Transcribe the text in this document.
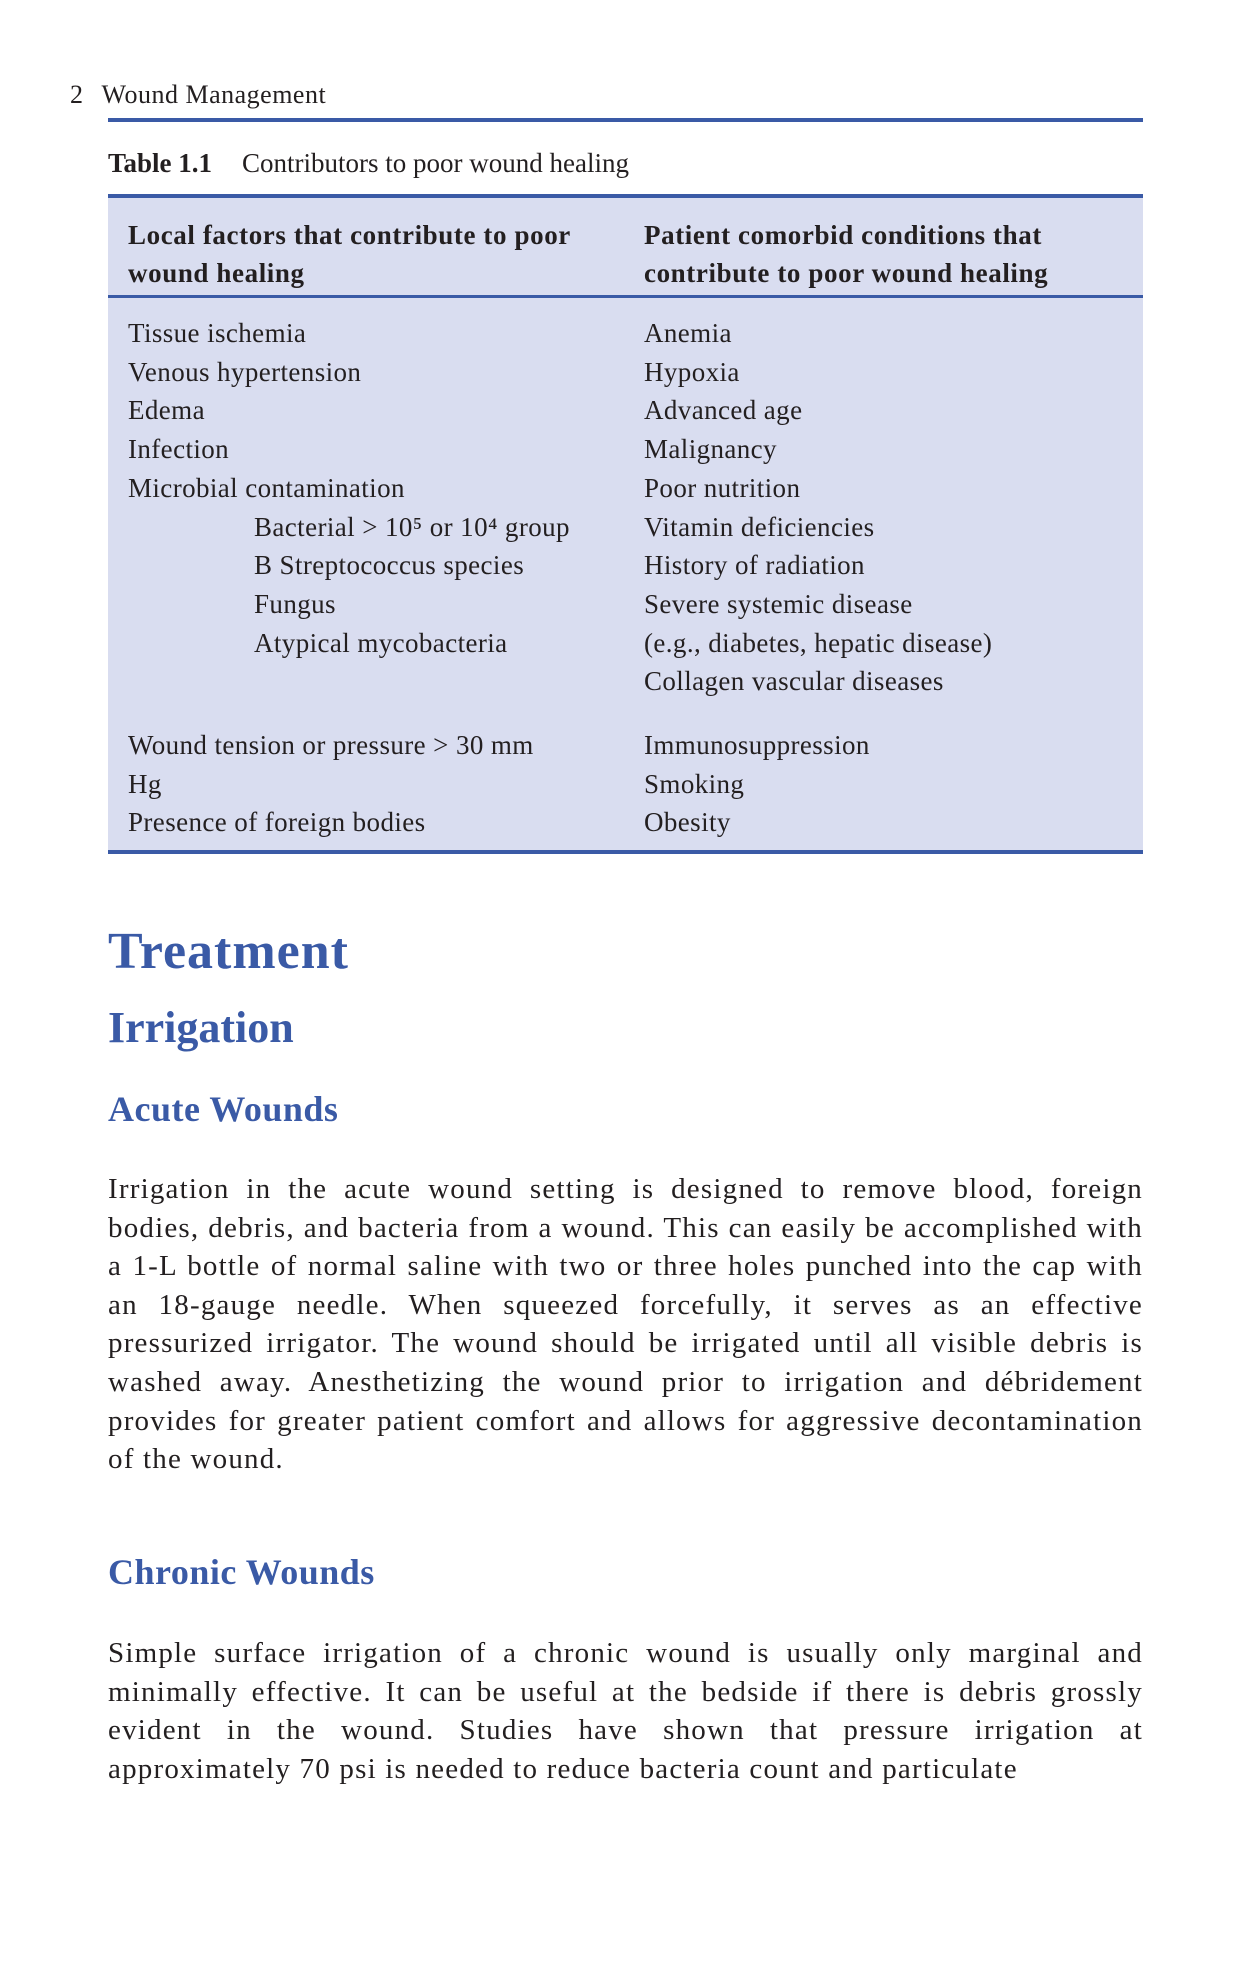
2 Wound Management
Table 1.1 Contributors to poor wound healing
Local factors that contribute to poor wound healing
Patient comorbid conditions that contribute to poor wound healing
Tissue ischemia
Venous hypertension
Edema
Infection
Microbial contamination
Bacterial > 10⁵ or 10⁴ group
B Streptococcus species
Fungus
Atypical mycobacteria

Wound tension or pressure > 30 mm
Hg
Presence of foreign bodies
Anemia
Hypoxia
Advanced age
Malignancy
Poor nutrition
Vitamin deficiencies
History of radiation
Severe systemic disease
(e.g., diabetes, hepatic disease)
Collagen vascular diseases
Immunosuppression
Smoking
Obesity
Treatment
Irrigation
Acute Wounds
Irrigation in the acute wound setting is designed to remove blood, foreign bodies, debris, and bacteria from a wound. This can easily be accomplished with a 1-L bottle of normal saline with two or three holes punched into the cap with an 18-gauge needle. When squeezed forcefully, it serves as an effective pressurized irrigator. The wound should be irrigated until all visible debris is washed away. Anesthetizing the wound prior to irrigation and débridement provides for greater patient comfort and allows for aggressive decontamination of the wound.
Chronic Wounds
Simple surface irrigation of a chronic wound is usually only marginal and minimally effective. It can be useful at the bedside if there is debris grossly evident in the wound. Studies have shown that pressure irrigation at approximately 70 psi is needed to reduce bacteria count and particulate
